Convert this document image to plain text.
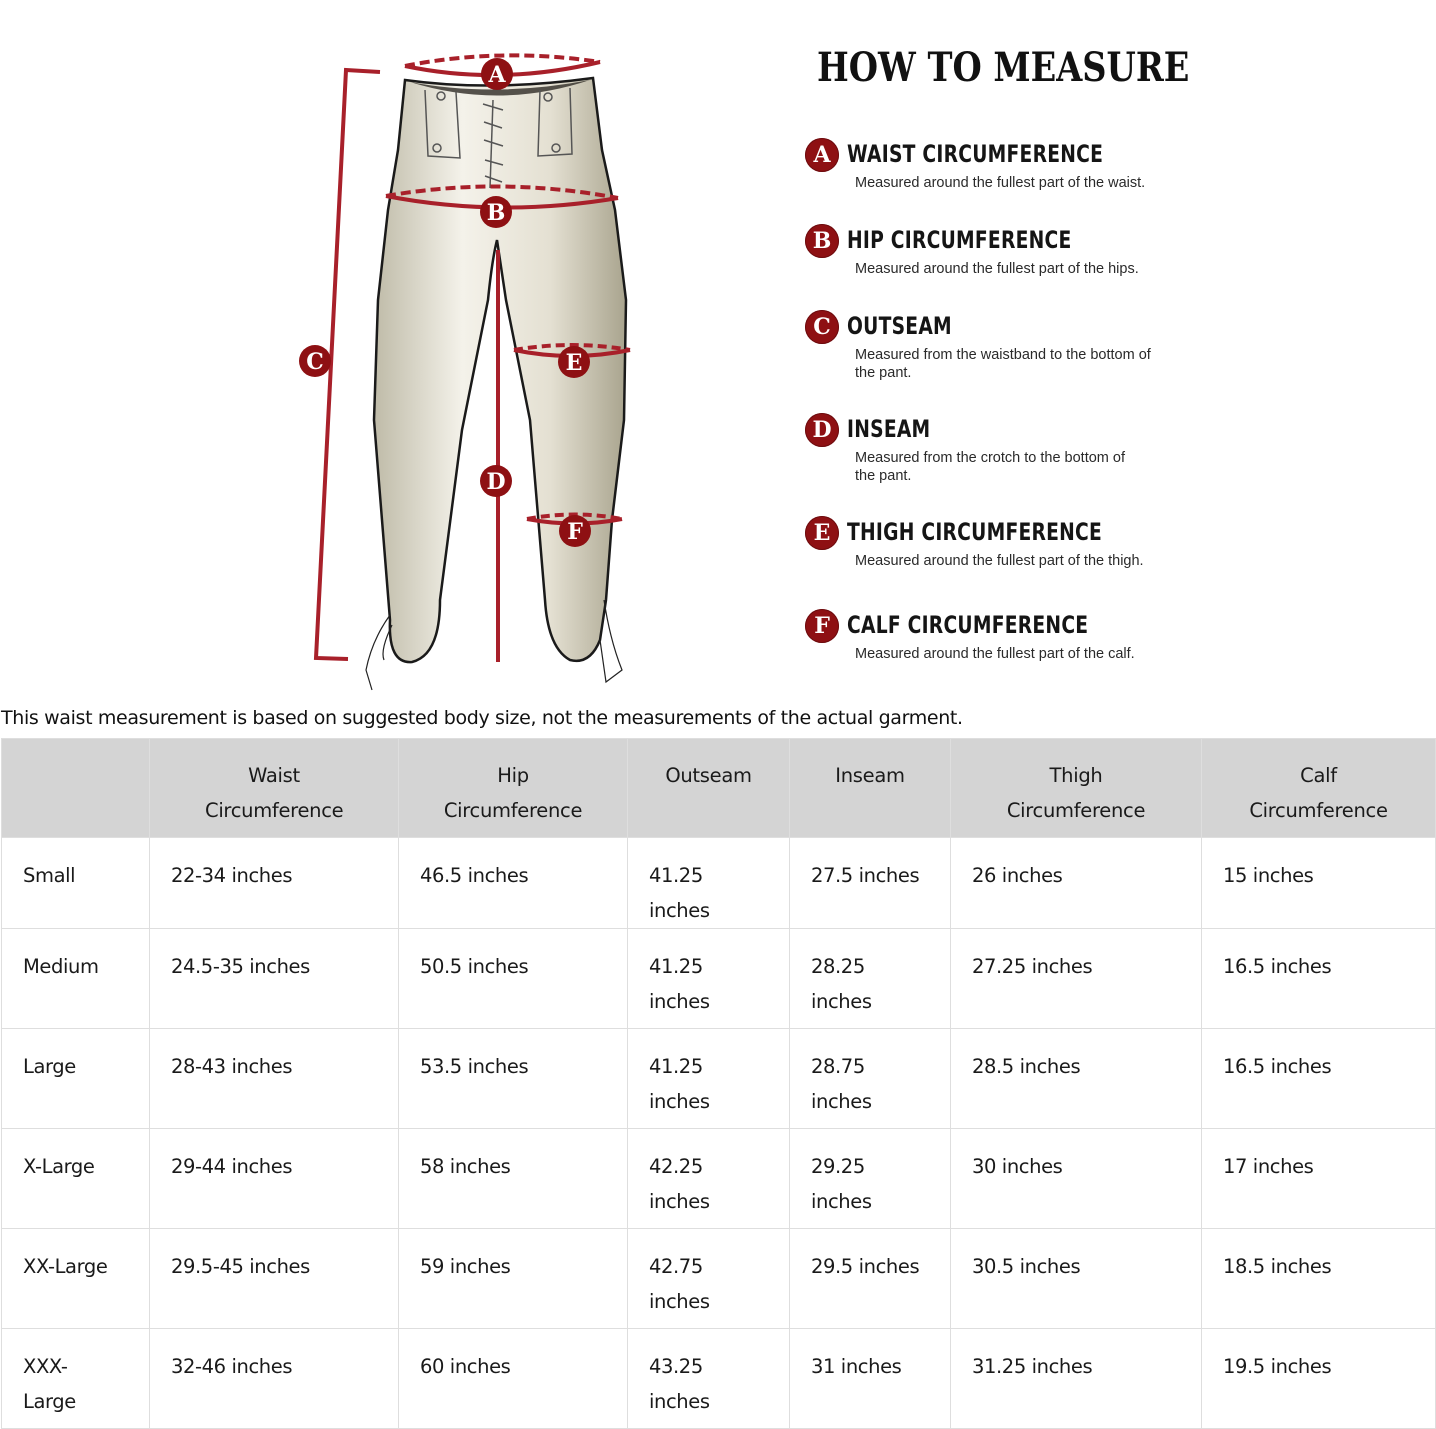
A
B
C
D
E
F
HOW TO MEASURE
A WAIST CIRCUMFERENCE
Measured around the fullest part of the waist.
B HIP CIRCUMFERENCE
Measured around the fullest part of the hips.
C OUTSEAM
Measured from the waistband to the bottom of the pant.
D INSEAM
Measured from the crotch to the bottom of the pant.
E THIGH CIRCUMFERENCE
Measured around the fullest part of the thigh.
F CALF CIRCUMFERENCE
Measured around the fullest part of the calf.
This waist measurement is based on suggested body size, not the measurements of the actual garment.
	Waist Circumference	Hip Circumference	Outseam	Inseam	Thigh Circumference	Calf Circumference
Small	22-34 inches	46.5 inches	41.25 inches	27.5 inches	26 inches	15 inches
Medium	24.5-35 inches	50.5 inches	41.25 inches	28.25 inches	27.25 inches	16.5 inches
Large	28-43 inches	53.5 inches	41.25 inches	28.75 inches	28.5 inches	16.5 inches
X-Large	29-44 inches	58 inches	42.25 inches	29.25 inches	30 inches	17 inches
XX-Large	29.5-45 inches	59 inches	42.75 inches	29.5 inches	30.5 inches	18.5 inches
XXX-Large	32-46 inches	60 inches	43.25 inches	31 inches	31.25 inches	19.5 inches
